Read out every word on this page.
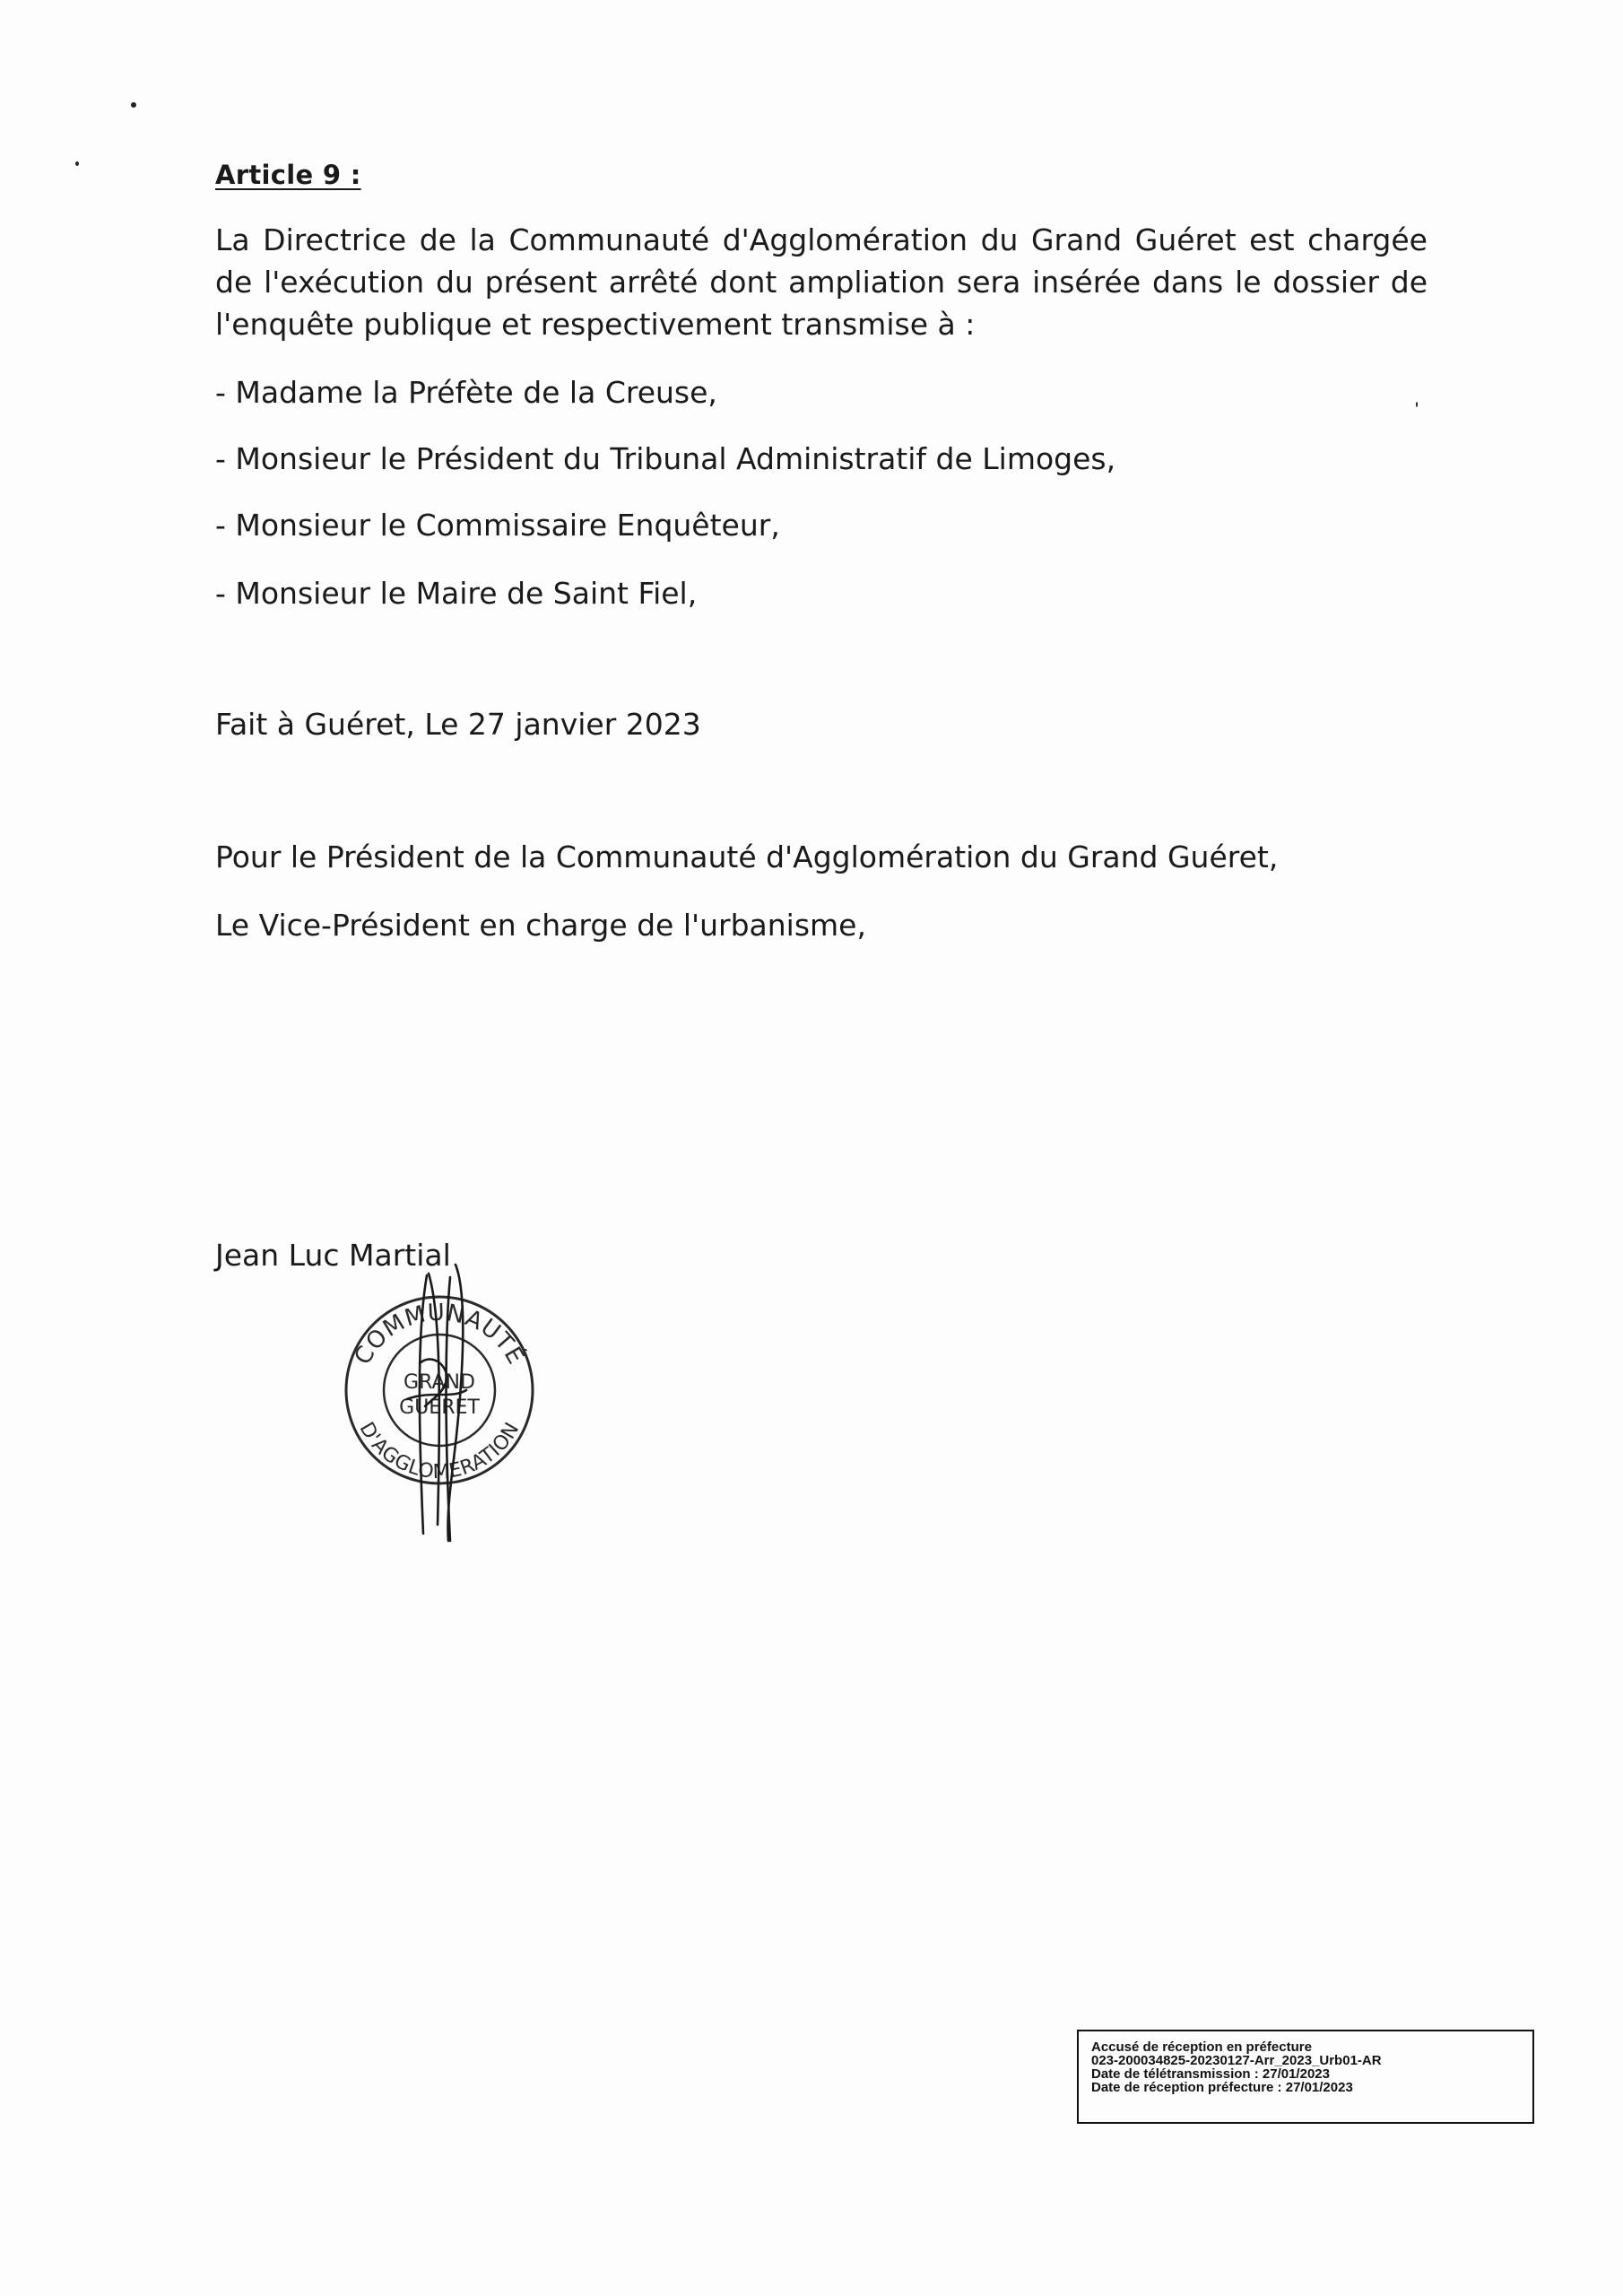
Article 9 :
La Directrice de la Communauté d'Agglomération du Grand Guéret est chargée de l'exécution du présent arrêté dont ampliation sera insérée dans le dossier de l'enquête publique et respectivement transmise à :
- Madame la Préfète de la Creuse,
- Monsieur le Président du Tribunal Administratif de Limoges,
- Monsieur le Commissaire Enquêteur,
- Monsieur le Maire de Saint Fiel,
Fait à Guéret, Le 27 janvier 2023
Pour le Président de la Communauté d'Agglomération du Grand Guéret,
Le Vice-Président en charge de l'urbanisme,
Jean Luc Martial
COMMUNAUTÉ
D'AGGLOMÉRATION
GRAND
GUÉRET
Accusé de réception en préfecture
023-200034825-20230127-Arr_2023_Urb01-AR
Date de télétransmission : 27/01/2023
Date de réception préfecture : 27/01/2023
